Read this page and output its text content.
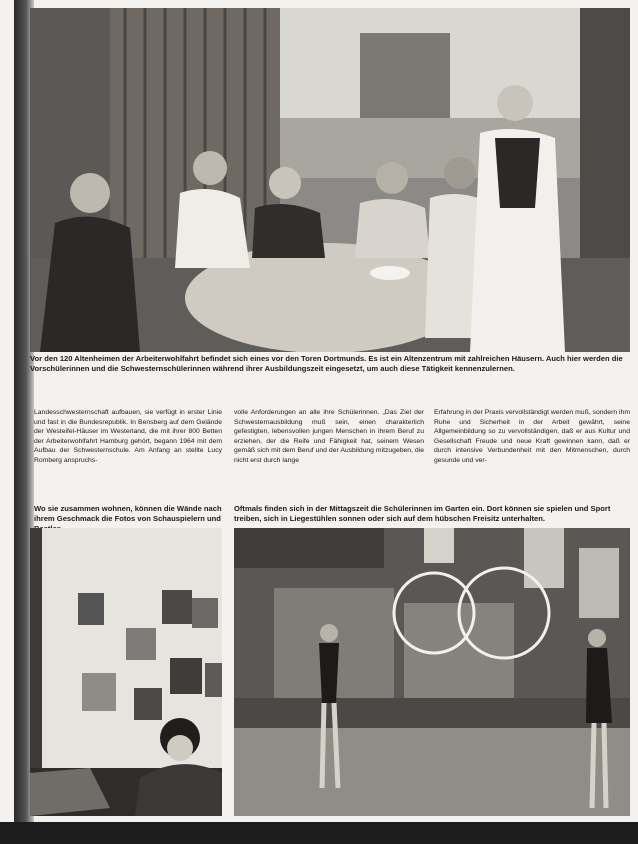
Vor den 120 Altenheimen der Arbeiterwohlfahrt befindet sich eines vor den Toren Dortmunds. Es ist ein Altenzentrum mit zahlreichen Häusern. Auch hier werden die Vorschülerinnen und die Schwesternschülerinnen während ihrer Ausbildungszeit eingesetzt, um auch diese Tätigkeit kennenzulernen.

Landesschwesternschaft aufbauen, sie verfügt in erster Linie und fast in die Bundesrepublik. In Bensberg auf dem Gelände der Westeifel-Häuser im Westerland, die mit ihrer 800 Betten der Arbeiterwohlfahrt Hamburg gehört, begann 1964 mit dem Aufbau der Schwesternschule. Am Anfang an stellte Lucy Romberg anspruchs-

volle Anforderungen an alle ihre Schülerinnen. „Das Ziel der Schwesternausbildung muß sein, einen charakterlich gefestigten, lebensvollen jungen Menschen in ihrem Beruf zu erziehen, der die Reife und Fähigkeit hat, seinem Wesen gemäß sich mit dem Beruf und der Ausbildung mitzugeben, die nicht erst durch lange

Erfahrung in der Praxis vervollständigt werden muß, sondern ihm Ruhe und Sicherheit in der Arbeit gewährt, seine Allgemeinbildung so zu vervollständigen, daß er aus Kultur und Gesellschaft Freude und neue Kraft gewinnen kann, daß er durch intensive Verbundenheit mit den Mitmenschen, durch gesunde und ver-

Wo sie zusammen wohnen, können die Wände nach ihrem Geschmack die Fotos von Schauspielern und
Oftmals finden sich in der Mittagszeit die Schülerinnen im Garten ein. Dort können sie spielen und Sport treiben, sich in Liegestühlen sonnen oder sich auf dem hübschen Freisitz unterhalten.
